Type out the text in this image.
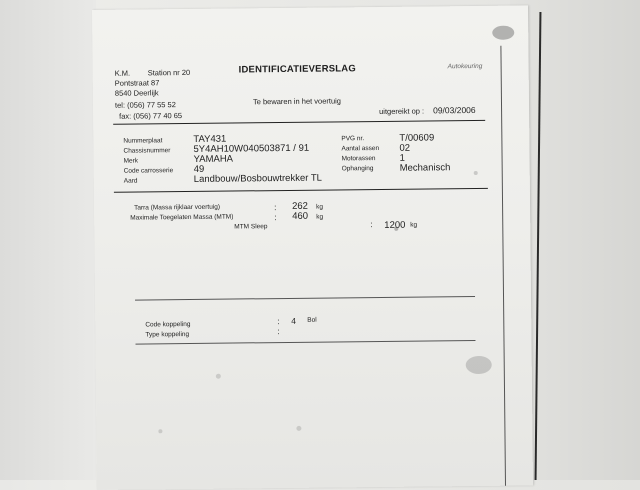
K.M. Station nr 20
Pontstraat 87
8540 Deerlijk
tel: (056) 77 55 52
fax: (056) 77 40 65
IDENTIFICATIEVERSLAG	Autokeuring
Te bewaren in het voertuig
uitgereikt op : 09/03/2006
Nummerplaat	TAY431
Chassisnummer 5Y4AH10W040503871 / 91
Merk	YAMAHA
Code carrosserie 49
Aard	Landbouw/Bosbouwtrekker TL
PVG nr.	T/00609
Aantal assen 02
Motorassen	1
Ophanging	Mechanisch
Tarra (Massa rijklaar voertuig)	: 262 kg
Maximale Toegelaten Massa (MTM)	: 460 kg
MTM Sleep	: 1200 kg
Code koppeling	: 4 Bol
Type koppeling	:
